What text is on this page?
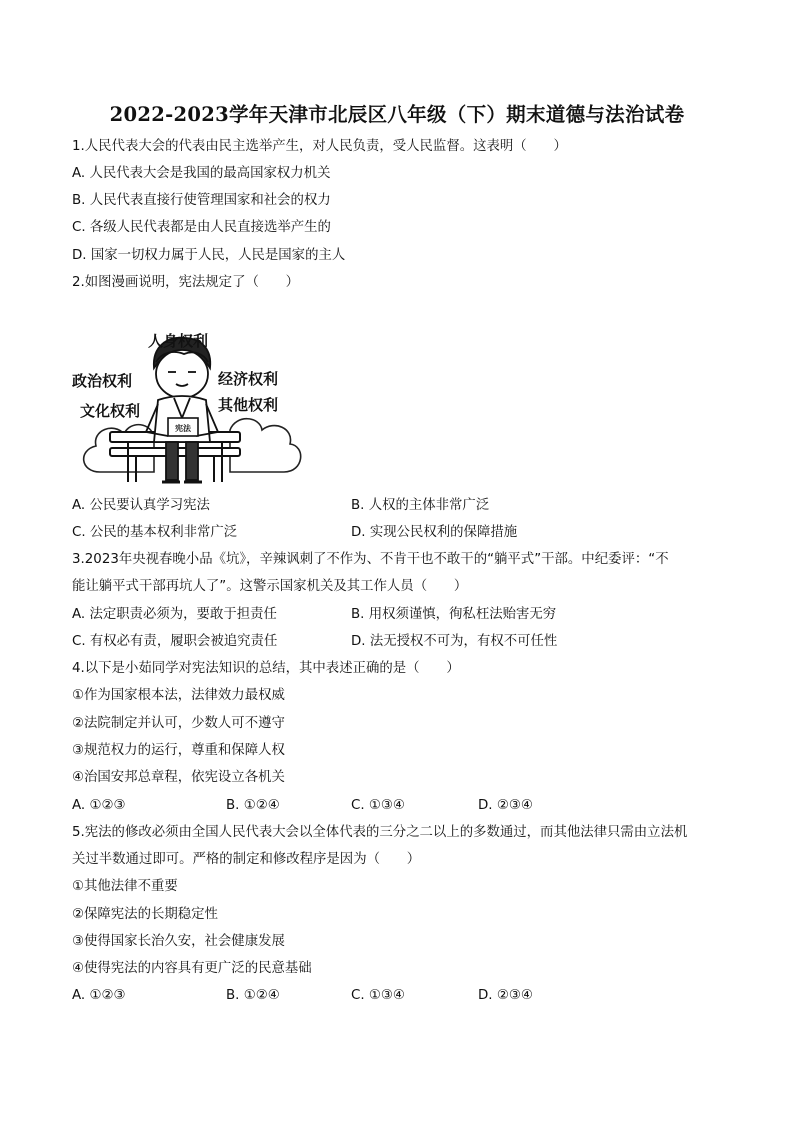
2022-2023学年天津市北辰区八年级（下）期末道德与法治试卷
1.人民代表大会的代表由民主选举产生，对人民负责，受人民监督。这表明（　　）
A. 人民代表大会是我国的最高国家权力机关
B. 人民代表直接行使管理国家和社会的权力
C. 各级人民代表都是由人民直接选举产生的
D. 国家一切权力属于人民，人民是国家的主人
2.如图漫画说明，宪法规定了（　　）
宪法
人身权利
政治权利
文化权利
经济权利
其他权利
A. 公民要认真学习宪法	B. 人权的主体非常广泛
C. 公民的基本权利非常广泛	D. 实现公民权利的保障措施
3.2023年央视春晚小品《坑》，辛辣讽刺了不作为、不肯干也不敢干的“躺平式”干部。中纪委评：“不
能让躺平式干部再坑人了”。这警示国家机关及其工作人员（　　）
A. 法定职责必须为，要敢于担责任	B. 用权须谨慎，徇私枉法贻害无穷
C. 有权必有责，履职会被追究责任	D. 法无授权不可为，有权不可任性
4.以下是小茹同学对宪法知识的总结，其中表述正确的是（　　）
①作为国家根本法，法律效力最权威
②法院制定并认可，少数人可不遵守
③规范权力的运行，尊重和保障人权
④治国安邦总章程，依宪设立各机关
A. ①②③	B. ①②④	C. ①③④	D. ②③④
5.宪法的修改必须由全国人民代表大会以全体代表的三分之二以上的多数通过，而其他法律只需由立法机
关过半数通过即可。严格的制定和修改程序是因为（　　）
①其他法律不重要
②保障宪法的长期稳定性
③使得国家长治久安，社会健康发展
④使得宪法的内容具有更广泛的民意基础
A. ①②③	B. ①②④	C. ①③④	D. ②③④
